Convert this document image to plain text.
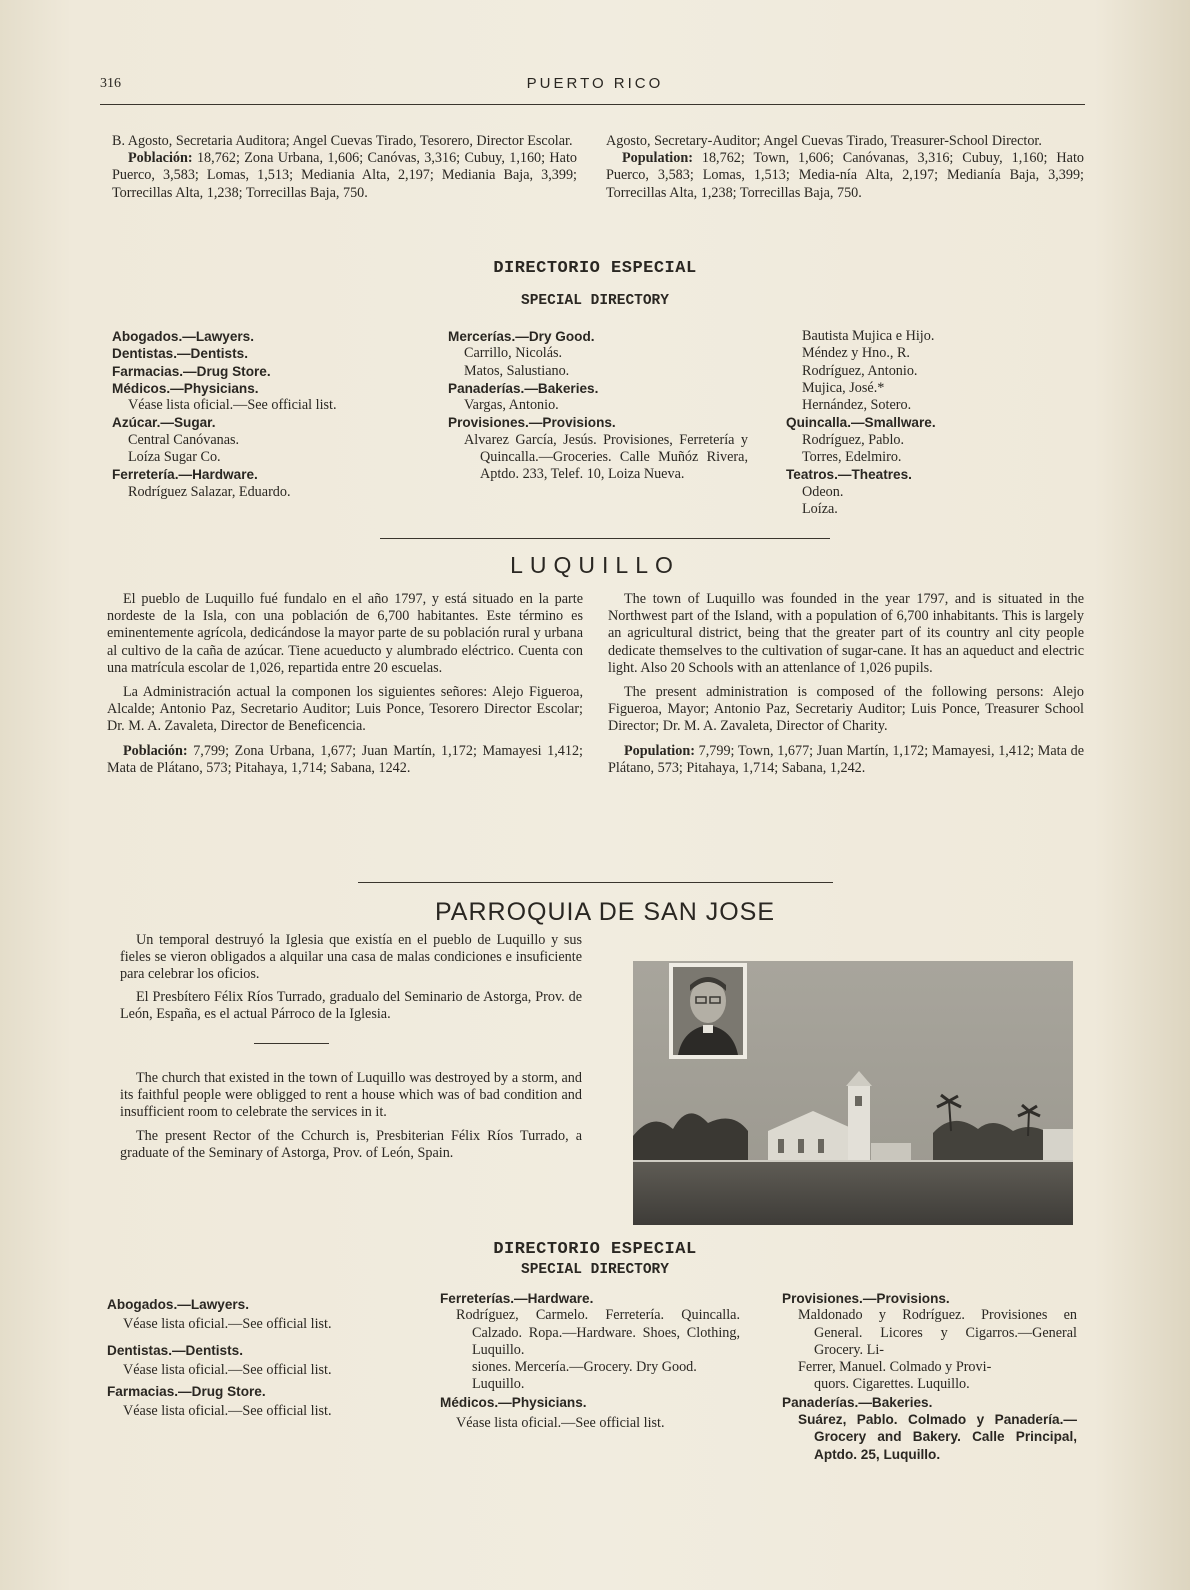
316	PUERTO RICO

B. Agosto, Secretaria Auditora; Angel Cuevas Tirado, Tesorero, Director Escolar.

Población: 18,762; Zona Urbana, 1,606; Canóvas, 3,316; Cubuy, 1,160; Hato Puerco, 3,583; Lomas, 1,513; Mediania Alta, 2,197; Mediania Baja, 3,399; Torrecillas Alta, 1,238; Torrecillas Baja, 750.

Agosto, Secretary-Auditor; Angel Cuevas Tirado, Treasurer-School Director.

Population: 18,762; Town, 1,606; Canóvanas, 3,316; Cubuy, 1,160; Hato Puerco, 3,583; Lomas, 1,513; Media-nía Alta, 2,197; Medianía Baja, 3,399; Torrecillas Alta, 1,238; Torrecillas Baja, 750.

DIRECTORIO ESPECIAL
SPECIAL DIRECTORY
Abogados.—Lawyers.
Dentistas.—Dentists.
Farmacias.—Drug Store.
Médicos.—Physicians.
Véase lista oficial.—See official list.
Azúcar.—Sugar.
Central Canóvanas.
Loíza Sugar Co.
Ferretería.—Hardware.
Rodríguez Salazar, Eduardo.
Mercerías.—Dry Good.
Carrillo, Nicolás.
Matos, Salustiano.
Panaderías.—Bakeries.
Vargas, Antonio.
Provisiones.—Provisions.
Alvarez García, Jesús. Provisiones, Ferretería y Quincalla.—Groceries. Calle Muñóz Rivera, Aptdo. 233, Telef. 10, Loiza Nueva.
Bautista Mujica e Hijo.
Méndez y Hno., R.
Rodríguez, Antonio.
Mujica, José.*
Hernández, Sotero.
Quincalla.—Smallware.
Rodríguez, Pablo.
Torres, Edelmiro.
Teatros.—Theatres.
Odeon.
Loíza.
LUQUILLO

El pueblo de Luquillo fué fundalo en el año 1797, y está situado en la parte nordeste de la Isla, con una población de 6,700 habitantes. Este término es eminentemente agrícola, dedicándose la mayor parte de su población rural y urbana al cultivo de la caña de azúcar. Tiene acueducto y alumbrado eléctrico. Cuenta con una matrícula escolar de 1,026, repartida entre 20 escuelas.

La Administración actual la componen los siguientes señores: Alejo Figueroa, Alcalde; Antonio Paz, Secretario Auditor; Luis Ponce, Tesorero Director Escolar; Dr. M. A. Zavaleta, Director de Beneficencia.

Población: 7,799; Zona Urbana, 1,677; Juan Martín, 1,172; Mamayesi 1,412; Mata de Plátano, 573; Pitahaya, 1,714; Sabana, 1242.

The town of Luquillo was founded in the year 1797, and is situated in the Northwest part of the Island, with a population of 6,700 inhabitants. This is largely an agricultural district, being that the greater part of its country anl city people dedicate themselves to the cultivation of sugar-cane. It has an aqueduct and electric light. Also 20 Schools with an attenlance of 1,026 pupils.

The present administration is composed of the following persons: Alejo Figueroa, Mayor; Antonio Paz, Secretariy Auditor; Luis Ponce, Treasurer School Director; Dr. M. A. Zavaleta, Director of Charity.

Population: 7,799; Town, 1,677; Juan Martín, 1,172; Mamayesi, 1,412; Mata de Plátano, 573; Pitahaya, 1,714; Sabana, 1,242.

PARROQUIA DE SAN JOSE

Un temporal destruyó la Iglesia que existía en el pueblo de Luquillo y sus fieles se vieron obligados a alquilar una casa de malas condiciones e insuficiente para celebrar los oficios.

El Presbítero Félix Ríos Turrado, gradualo del Seminario de Astorga, Prov. de León, España, es el actual Párroco de la Iglesia.

The church that existed in the town of Luquillo was destroyed by a storm, and its faithful people were obligged to rent a house which was of bad condition and insufficient room to celebrate the services in it.

The present Rector of the Cchurch is, Presbiterian Félix Ríos Turrado, a graduate of the Seminary of Astorga, Prov. of León, Spain.

DIRECTORIO ESPECIAL
SPECIAL DIRECTORY
Abogados.—Lawyers.
Véase lista oficial.—See official list.
Dentistas.—Dentists.
Véase lista oficial.—See official list.
Farmacias.—Drug Store.
Véase lista oficial.—See official list.
Ferreterías.—Hardware.
Rodríguez, Carmelo. Ferretería. Quincalla. Calzado. Ropa.—Hardware. Shoes, Clothing, Luquillo.
siones. Mercería.—Grocery. Dry Good. Luquillo.
Médicos.—Physicians.
Véase lista oficial.—See official list.
Provisiones.—Provisions.
Maldonado y Rodríguez. Provisiones en General. Licores y Cigarros.—General Grocery. Li-
Ferrer, Manuel. Colmado y Provi-
quors. Cigarettes. Luquillo.
Panaderías.—Bakeries.
Suárez, Pablo. Colmado y Panadería.—Grocery and Bakery. Calle Principal, Aptdo. 25, Luquillo.
